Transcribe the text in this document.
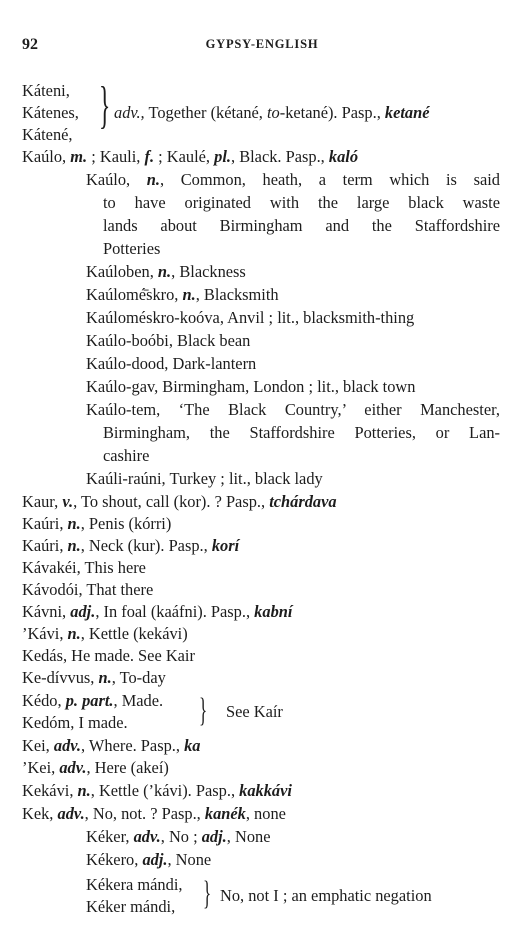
92	GYPSY-ENGLISH
Káteni,
Kátenes,
Kátené,
} adv., Together (kétané, to-ketané). Pasp., ketané
Kaúlo, m. ; Kauli, f. ; Kaulé, pl., Black. Pasp., kaló
Kaúlo, n., Common, heath, a term which is said
to have originated with the large black waste
lands about Birmingham and the Staffordshire
Potteries
Kaúloben, n., Blackness
Kaúlomé̄skro, n., Blacksmith
Kaúloméskro-koóva, Anvil ; lit., blacksmith-thing
Kaúlo-boóbi, Black bean
Kaúlo-dood, Dark-lantern
Kaúlo-gav, Birmingham, London ; lit., black town
Kaúlo-tem, ‘The Black Country,’ either Manchester,
Birmingham, the Staffordshire Potteries, or Lan-
cashire
Kaúli-raúni, Turkey ; lit., black lady
Kaur, v., To shout, call (kor). ? Pasp., tchárdava
Kaúri, n., Penis (kórri)
Kaúri, n., Neck (kur). Pasp., korí
Kávakéi, This here
Kávodói, That there
Kávni, adj., In foal (kaáfni). Pasp., kabní
’Kávi, n., Kettle (kekávi)
Kedás, He made. See Kair
Ke-dívvus, n., To-day
Kédo, p. part., Made.
Kedóm, I made. } See Kaír
Kei, adv., Where. Pasp., ka
’Kei, adv., Here (akeí)
Kekávi, n., Kettle (’kávi). Pasp., kakkávi
Kek, adv., No, not. ? Pasp., kanék, none
Kéker, adv., No ; adj., None
Kékero, adj., None
Kékera mándi,
Kéker mándi, } No, not I ; an emphatic negation
